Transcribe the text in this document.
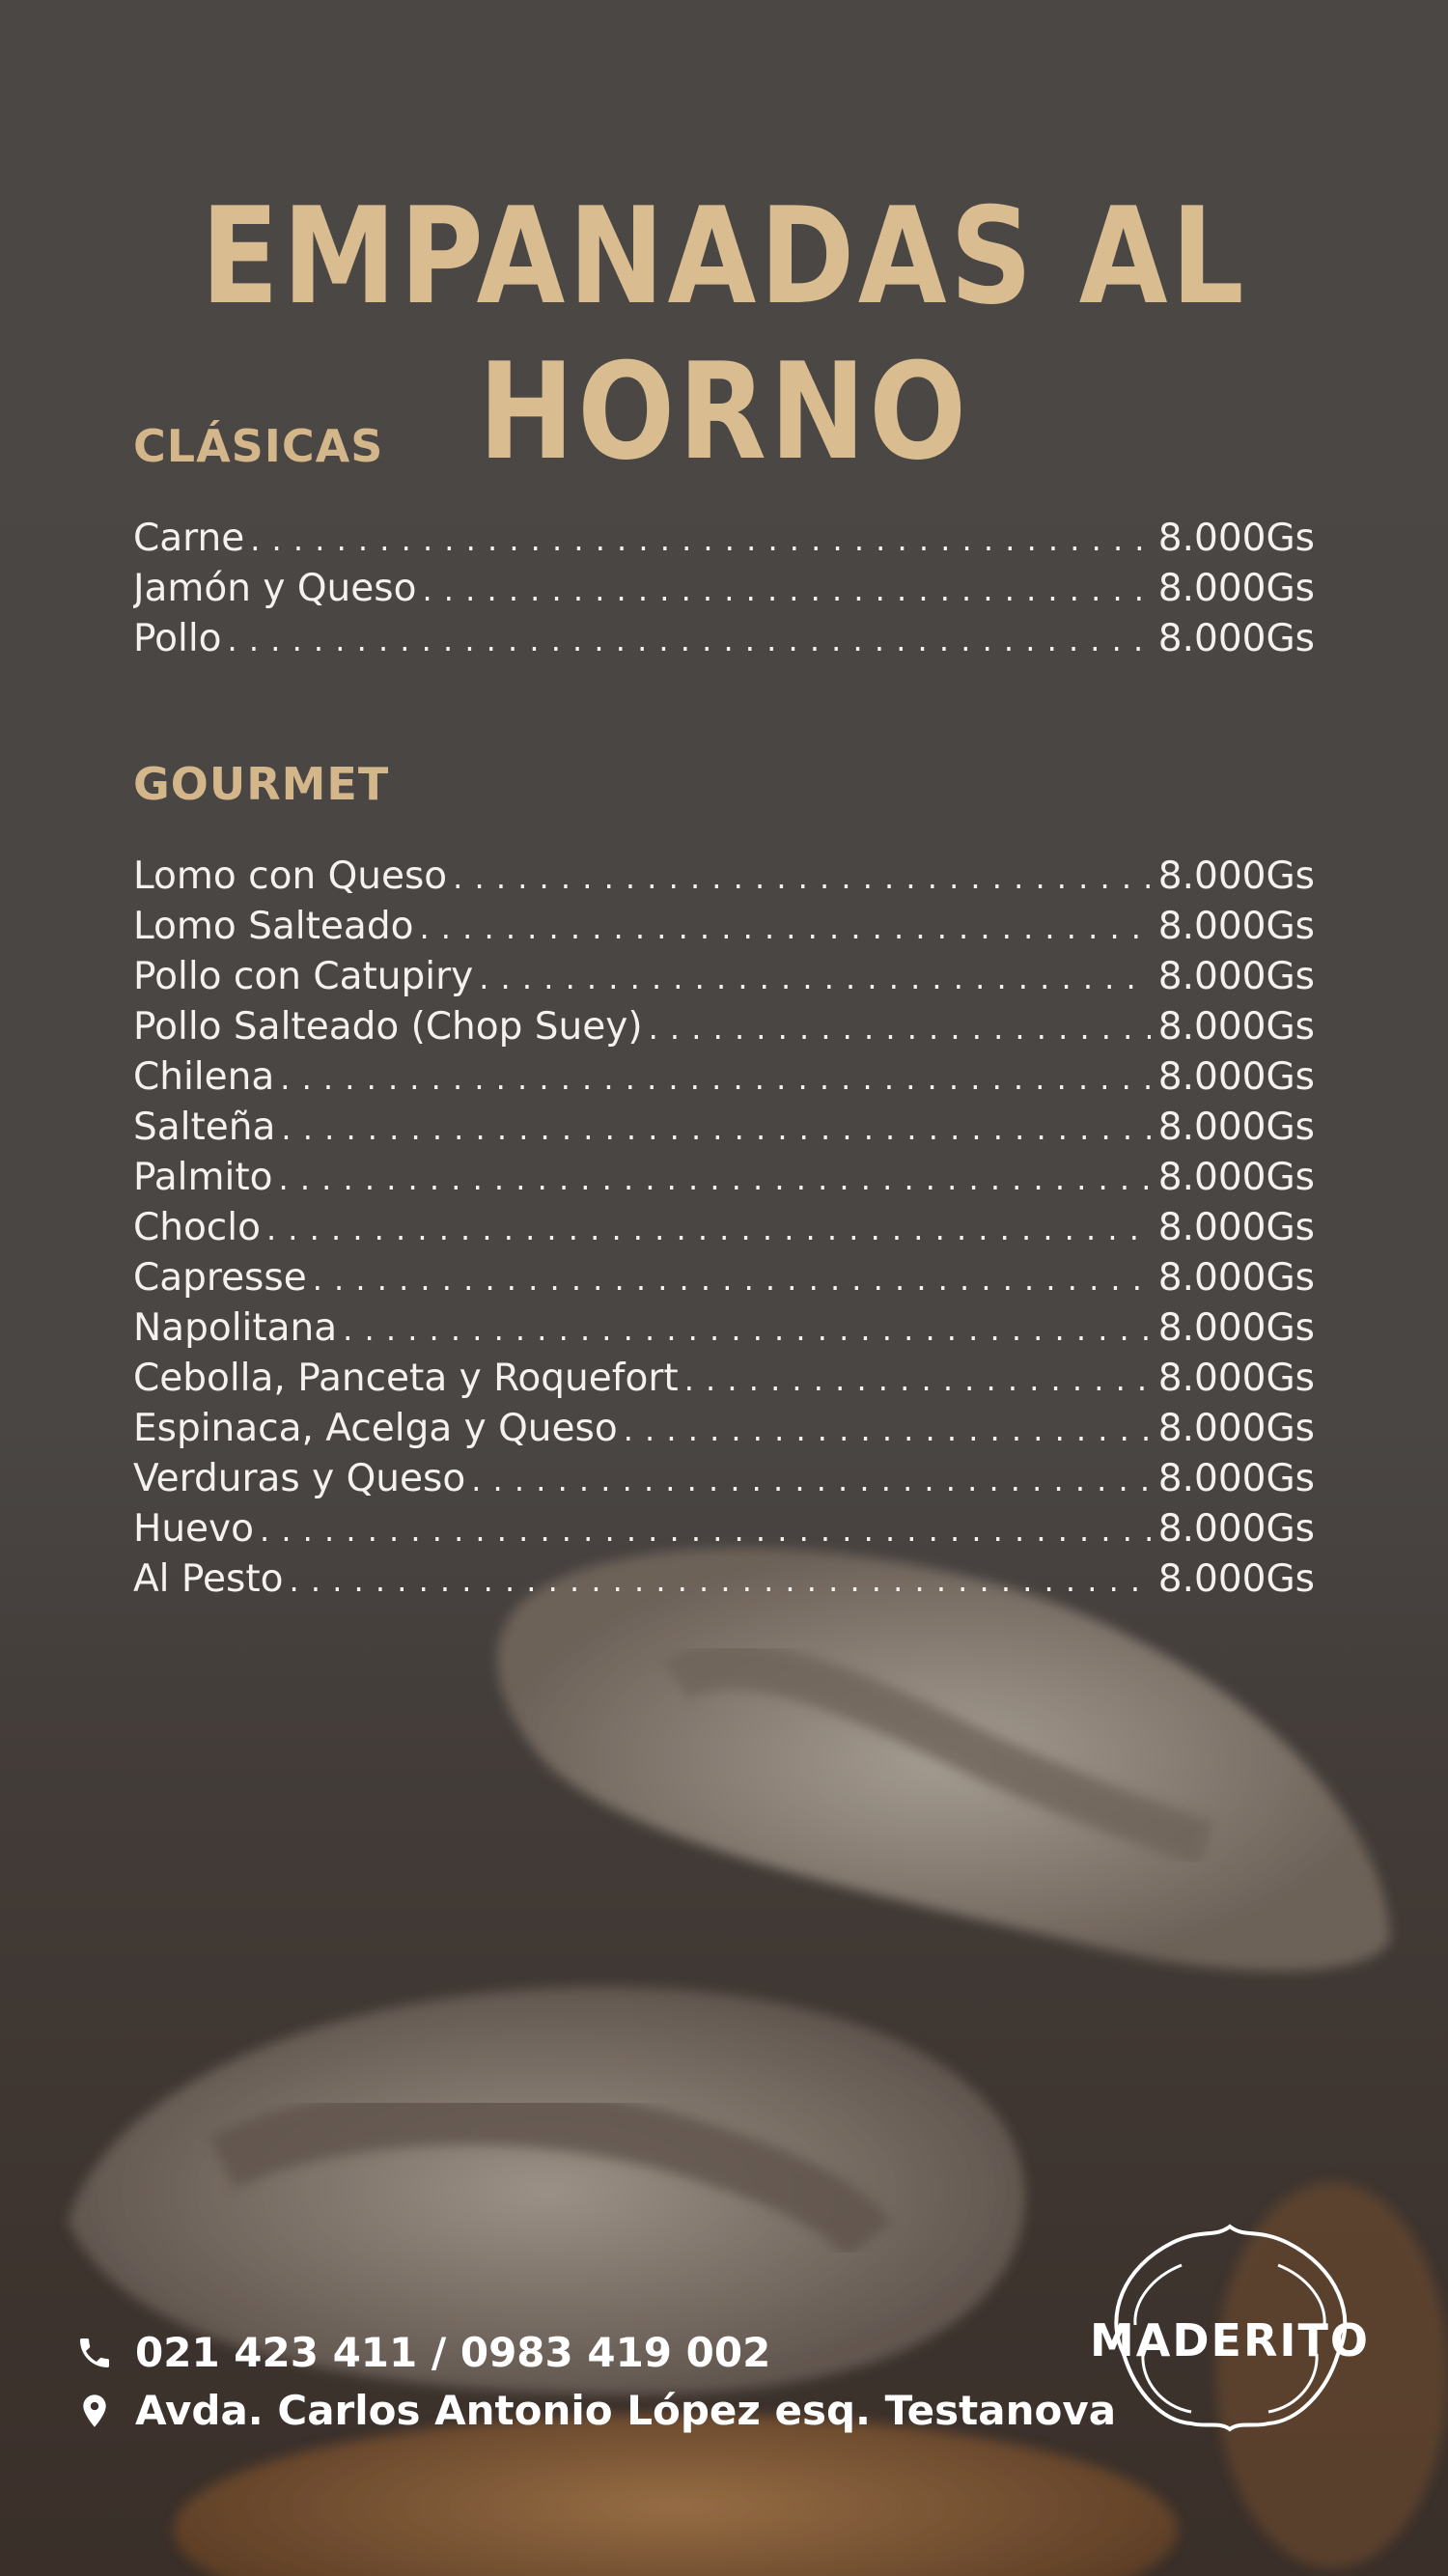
EMPANADAS AL HORNO
CLÁSICAS
Carne . . .	8.000Gs
Jamón y Queso . . .	8.000Gs
Pollo . . .	8.000Gs
GOURMET
Lomo con Queso . . .	8.000Gs
Lomo Salteado . . .	8.000Gs
Pollo con Catupiry . . .	8.000Gs
Pollo Salteado (Chop Suey) . . .	8.000Gs
Chilena . . .	8.000Gs
Salteña . . .	8.000Gs
Palmito . . .	8.000Gs
Choclo . . .	8.000Gs
Capresse . . .	8.000Gs
Napolitana . . .	8.000Gs
Cebolla, Panceta y Roquefort . . .	8.000Gs
Espinaca, Acelga y Queso . . .	8.000Gs
Verduras y Queso . . .	8.000Gs
Huevo . . .	8.000Gs
Al Pesto . . .	8.000Gs
021 423 411 / 0983 419 002
Avda. Carlos Antonio López esq. Testanova
MADERITO
